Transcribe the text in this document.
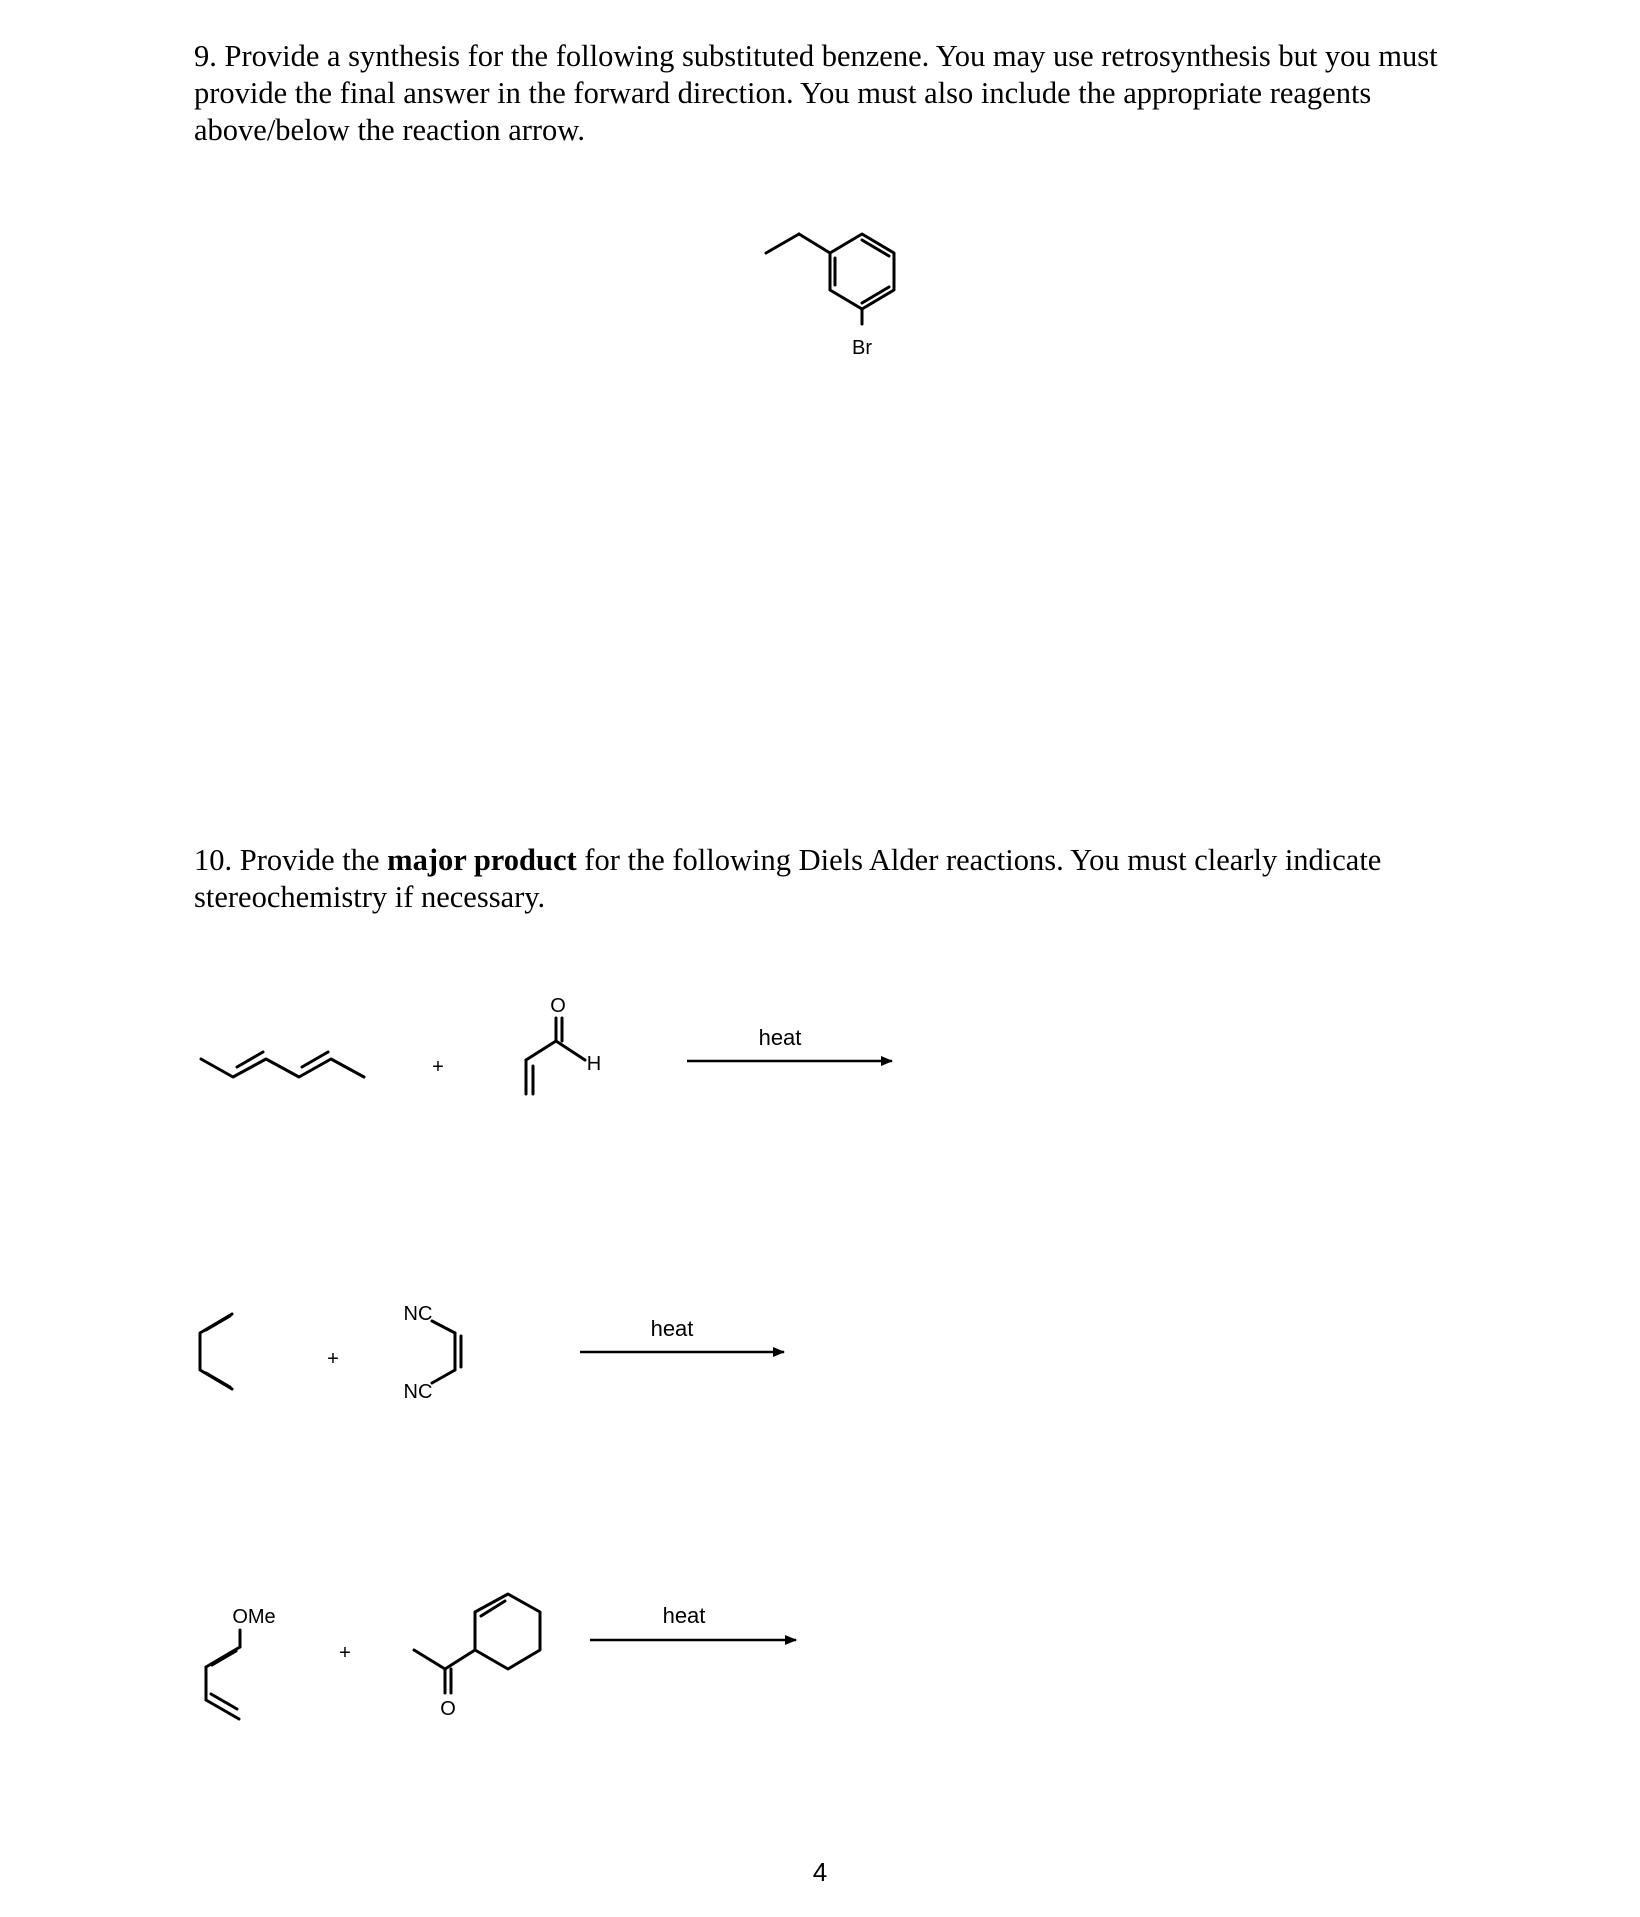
9. Provide a synthesis for the following substituted benzene. You may use retrosynthesis but you must provide the final answer in the forward direction. You must also include the appropriate reagents above/below the reaction arrow.

10. Provide the major product for the following Diels Alder reactions. You must clearly indicate stereochemistry if necessary.

Br
+
O
H
heat
+
NC
NC
heat
OMe
+
O
heat
4
